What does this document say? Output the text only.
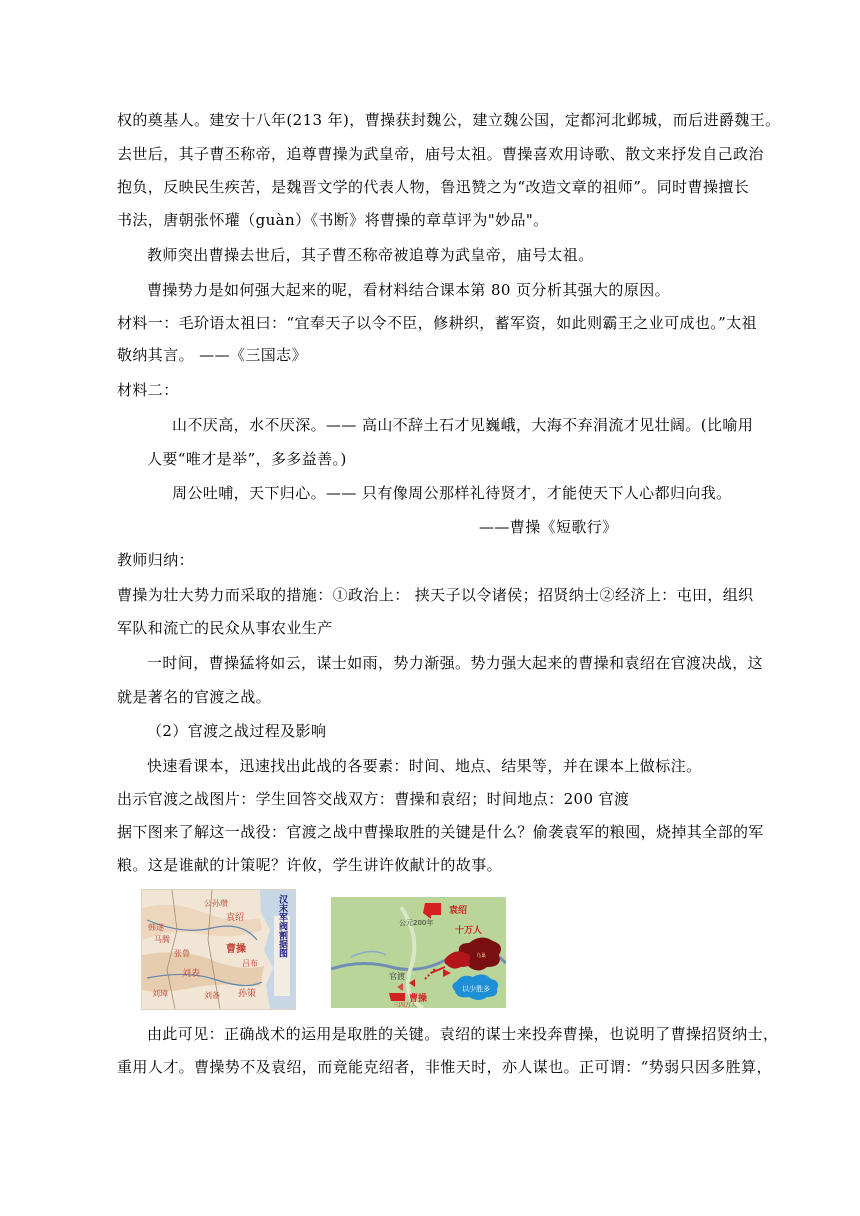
权的奠基人。建安十八年(213 年)，曹操获封魏公，建立魏公国，定都河北邺城，而后进爵魏王。
去世后，其子曹丕称帝，追尊曹操为武皇帝，庙号太祖。曹操喜欢用诗歌、散文来抒发自己政治
抱负，反映民生疾苦，是魏晋文学的代表人物，鲁迅赞之为“改造文章的祖师”。同时曹操擅长
书法，唐朝张怀瓘（guàn）《书断》将曹操的章草评为"妙品"。
教师突出曹操去世后，其子曹丕称帝被追尊为武皇帝，庙号太祖。
曹操势力是如何强大起来的呢，看材料结合课本第 80 页分析其强大的原因。
材料一：毛玠语太祖曰：“宜奉天子以令不臣，修耕织，蓄军资，如此则霸王之业可成也。”太祖
敬纳其言。 ——《三国志》
材料二：
山不厌高，水不厌深。—— 高山不辞土石才见巍峨，大海不弃涓流才见壮阔。(比喻用
人要“唯才是举”，多多益善。)
周公吐哺，天下归心。—— 只有像周公那样礼待贤才，才能使天下人心都归向我。
——曹操《短歌行》
教师归纳：
曹操为壮大势力而采取的措施：①政治上： 挟天子以令诸侯；招贤纳士②经济上：屯田，组织
军队和流亡的民众从事农业生产
一时间，曹操猛将如云，谋士如雨，势力渐强。势力强大起来的曹操和袁绍在官渡决战，这
就是著名的官渡之战。
（2）官渡之战过程及影响
快速看课本，迅速找出此战的各要素：时间、地点、结果等，并在课本上做标注。
出示官渡之战图片：学生回答交战双方：曹操和袁绍；时间地点：200 官渡
据下图来了解这一战役：官渡之战中曹操取胜的关键是什么？偷袭袁军的粮囤，烧掉其全部的军
粮。这是谁献的计策呢？许攸，学生讲许攸献计的故事。
公孙瓒
袁绍
曹操
马腾
韩遂
张鲁
吕布
刘表
刘璋	刘备 孙策
汉末军阀割据图	袁绍
公元200年
十万人
乌巢
官渡
曹操
三四万人
以少胜多
由此可见：正确战术的运用是取胜的关键。袁绍的谋士来投奔曹操，也说明了曹操招贤纳士，
重用人才。曹操势不及袁绍，而竟能克绍者，非惟天时，亦人谋也。正可谓：“势弱只因多胜算，
